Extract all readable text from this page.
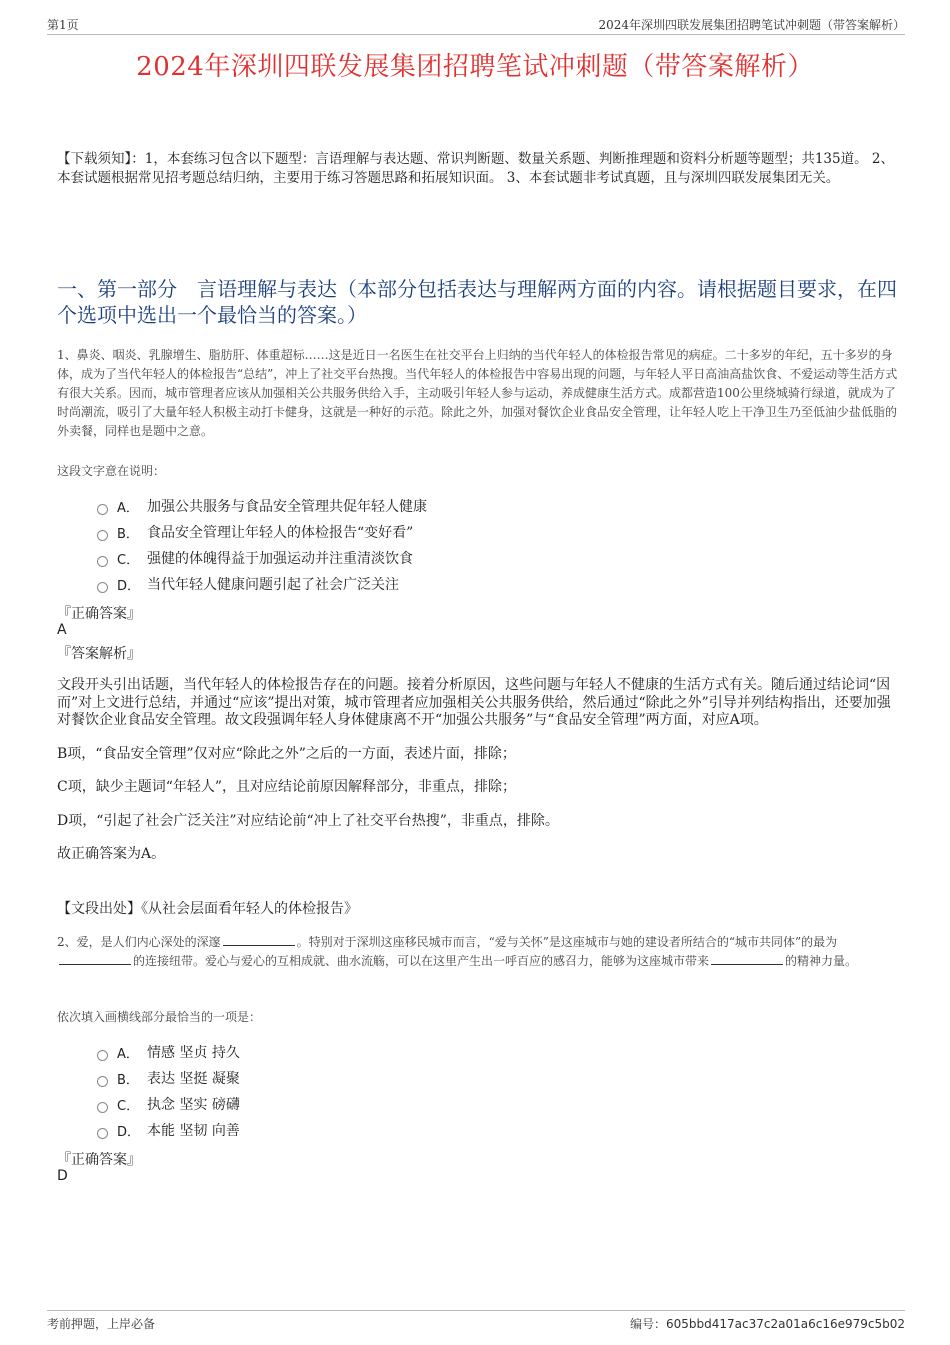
第1页	2024年深圳四联发展集团招聘笔试冲刺题（带答案解析）
2024年深圳四联发展集团招聘笔试冲刺题（带答案解析）
【下载须知】：1，本套练习包含以下题型：言语理解与表达题、常识判断题、数量关系题、判断推理题和资料分析题等题型；共135道。 2、本套试题根据常见招考题总结归纳，主要用于练习答题思路和拓展知识面。 3、本套试题非考试真题，且与深圳四联发展集团无关。
一、第一部分　言语理解与表达（本部分包括表达与理解两方面的内容。请根据题目要求，在四个选项中选出一个最恰当的答案。）
1、鼻炎、咽炎、乳腺增生、脂肪肝、体重超标……这是近日一名医生在社交平台上归纳的当代年轻人的体检报告常见的病症。二十多岁的年纪，五十多岁的身体，成为了当代年轻人的体检报告“总结”，冲上了社交平台热搜。当代年轻人的体检报告中容易出现的问题，与年轻人平日高油高盐饮食、不爱运动等生活方式有很大关系。因而，城市管理者应该从加强相关公共服务供给入手，主动吸引年轻人参与运动，养成健康生活方式。成都营造100公里绕城骑行绿道，就成为了时尚潮流，吸引了大量年轻人积极主动打卡健身，这就是一种好的示范。除此之外，加强对餐饮企业食品安全管理，让年轻人吃上干净卫生乃至低油少盐低脂的外卖餐，同样也是题中之意。
这段文字意在说明：
A． 加强公共服务与食品安全管理共促年轻人健康
B． 食品安全管理让年轻人的体检报告“变好看”
C． 强健的体魄得益于加强运动并注重清淡饮食
D． 当代年轻人健康问题引起了社会广泛关注
『正确答案』
A
『答案解析』

文段开头引出话题，当代年轻人的体检报告存在的问题。接着分析原因，这些问题与年轻人不健康的生活方式有关。随后通过结论词“因而”对上文进行总结，并通过“应该”提出对策，城市管理者应加强相关公共服务供给，然后通过“除此之外”引导并列结构指出，还要加强对餐饮企业食品安全管理。故文段强调年轻人身体健康离不开“加强公共服务”与“食品安全管理”两方面，对应A项。

B项，“食品安全管理”仅对应“除此之外”之后的一方面，表述片面，排除；

C项，缺少主题词“年轻人”，且对应结论前原因解释部分，非重点，排除；

D项，“引起了社会广泛关注”对应结论前“冲上了社交平台热搜”，非重点，排除。

故正确答案为A。

【文段出处】《从社会层面看年轻人的体检报告》
2、爱，是人们内心深处的深邃	。特别对于深圳这座移民城市而言，“爱与关怀”是这座城市与她的建设者所结合的“城市共同体”的最为的连接纽带。爱心与爱心的互相成就、曲水流觞，可以在这里产生出一呼百应的感召力，能够为这座城市带来	的精神力量。
依次填入画横线部分最恰当的一项是：
A． 情感 坚贞 持久
B． 表达 坚挺 凝聚
C． 执念 坚实 磅礴
D． 本能 坚韧 向善
『正确答案』
D
考前押题，上岸必备	编号：605bbd417ac37c2a01a6c16e979c5b02
